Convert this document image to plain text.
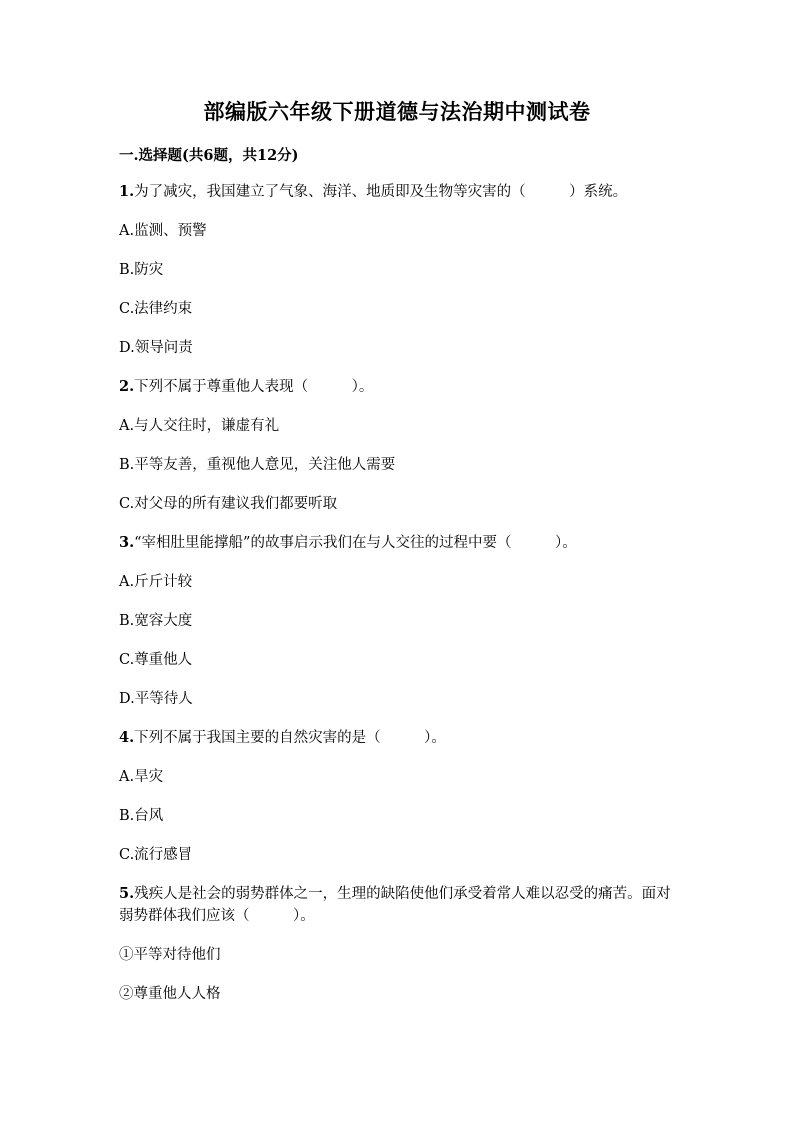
部编版六年级下册道德与法治期中测试卷
一.选择题(共6题，共12分)
1.为了减灾，我国建立了气象、海洋、地质即及生物等灾害的（　　　）系统。
A.监测、预警
B.防灾
C.法律约束
D.领导问责
2.下列不属于尊重他人表现（　　　）。
A.与人交往时，谦虚有礼
B.平等友善，重视他人意见，关注他人需要
C.对父母的所有建议我们都要听取
3.“宰相肚里能撑船”的故事启示我们在与人交往的过程中要（　　　）。
A.斤斤计较
B.宽容大度
C.尊重他人
D.平等待人
4.下列不属于我国主要的自然灾害的是（　　　）。
A.旱灾
B.台风
C.流行感冒
5.残疾人是社会的弱势群体之一，生理的缺陷使他们承受着常人难以忍受的痛苦。面对弱势群体我们应该（　　　）。
①平等对待他们
②尊重他人人格
